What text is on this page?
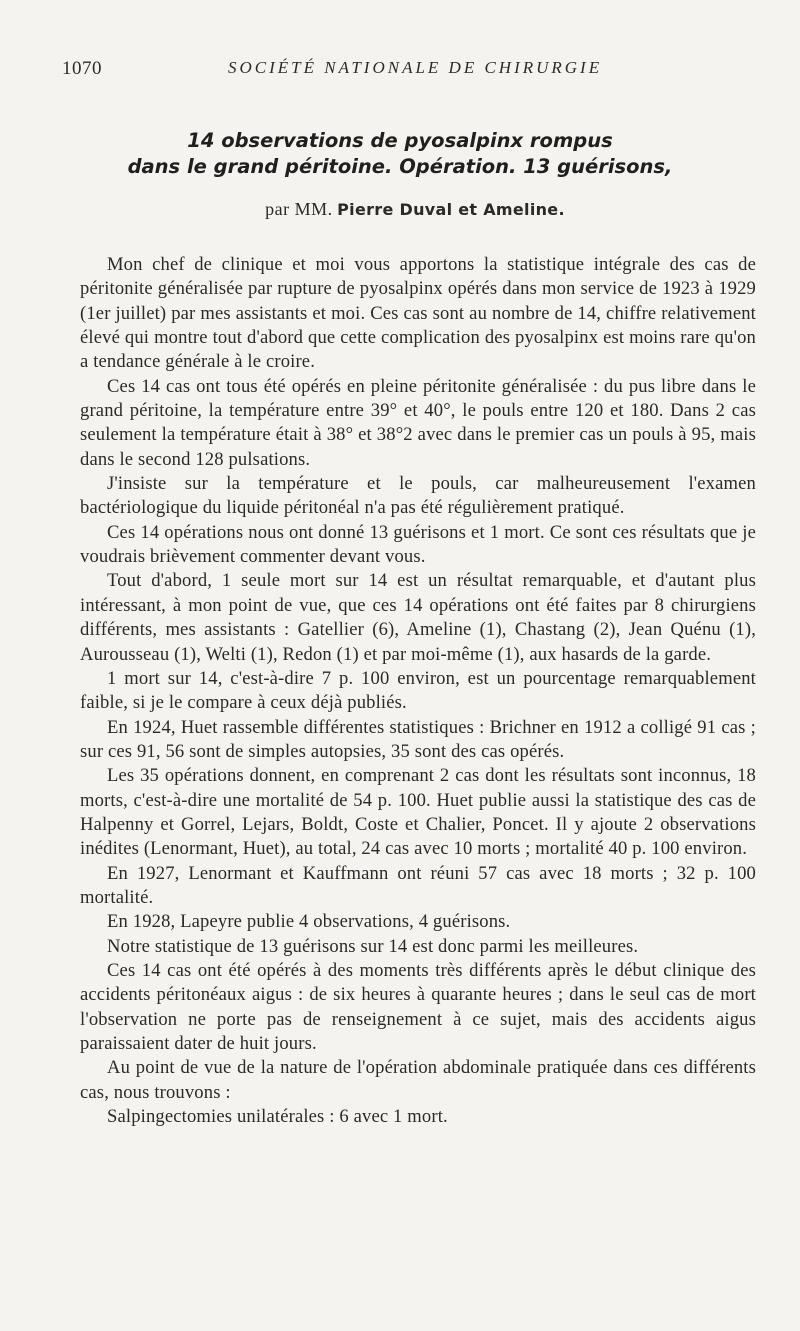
1070	SOCIÉTÉ NATIONALE DE CHIRURGIE
14 observations de pyosalpinx rompus
dans le grand péritoine. Opération. 13 guérisons,
par MM. Pierre Duval et Ameline.

Mon chef de clinique et moi vous apportons la statistique intégrale des cas de péritonite généralisée par rupture de pyosalpinx opérés dans mon service de 1923 à 1929 (1er juillet) par mes assistants et moi. Ces cas sont au nombre de 14, chiffre relativement élevé qui montre tout d'abord que cette complication des pyosalpinx est moins rare qu'on a tendance générale à le croire.

Ces 14 cas ont tous été opérés en pleine péritonite généralisée : du pus libre dans le grand péritoine, la température entre 39° et 40°, le pouls entre 120 et 180. Dans 2 cas seulement la température était à 38° et 38°2 avec dans le premier cas un pouls à 95, mais dans le second 128 pulsations.

J'insiste sur la température et le pouls, car malheureusement l'examen bactériologique du liquide péritonéal n'a pas été régulièrement pratiqué.

Ces 14 opérations nous ont donné 13 guérisons et 1 mort. Ce sont ces résultats que je voudrais brièvement commenter devant vous.

Tout d'abord, 1 seule mort sur 14 est un résultat remarquable, et d'autant plus intéressant, à mon point de vue, que ces 14 opérations ont été faites par 8 chirurgiens différents, mes assistants : Gatellier (6), Ameline (1), Chastang (2), Jean Quénu (1), Aurousseau (1), Welti (1), Redon (1) et par moi-même (1), aux hasards de la garde.

1 mort sur 14, c'est-à-dire 7 p. 100 environ, est un pourcentage remarquablement faible, si je le compare à ceux déjà publiés.

En 1924, Huet rassemble différentes statistiques : Brichner en 1912 a colligé 91 cas ; sur ces 91, 56 sont de simples autopsies, 35 sont des cas opérés.

Les 35 opérations donnent, en comprenant 2 cas dont les résultats sont inconnus, 18 morts, c'est-à-dire une mortalité de 54 p. 100. Huet publie aussi la statistique des cas de Halpenny et Gorrel, Lejars, Boldt, Coste et Chalier, Poncet. Il y ajoute 2 observations inédites (Lenormant, Huet), au total, 24 cas avec 10 morts ; mortalité 40 p. 100 environ.

En 1927, Lenormant et Kauffmann ont réuni 57 cas avec 18 morts ; 32 p. 100 mortalité.

En 1928, Lapeyre publie 4 observations, 4 guérisons.

Notre statistique de 13 guérisons sur 14 est donc parmi les meilleures.

Ces 14 cas ont été opérés à des moments très différents après le début clinique des accidents péritonéaux aigus : de six heures à quarante heures ; dans le seul cas de mort l'observation ne porte pas de renseignement à ce sujet, mais des accidents aigus paraissaient dater de huit jours.

Au point de vue de la nature de l'opération abdominale pratiquée dans ces différents cas, nous trouvons :

Salpingectomies unilatérales : 6 avec 1 mort.
